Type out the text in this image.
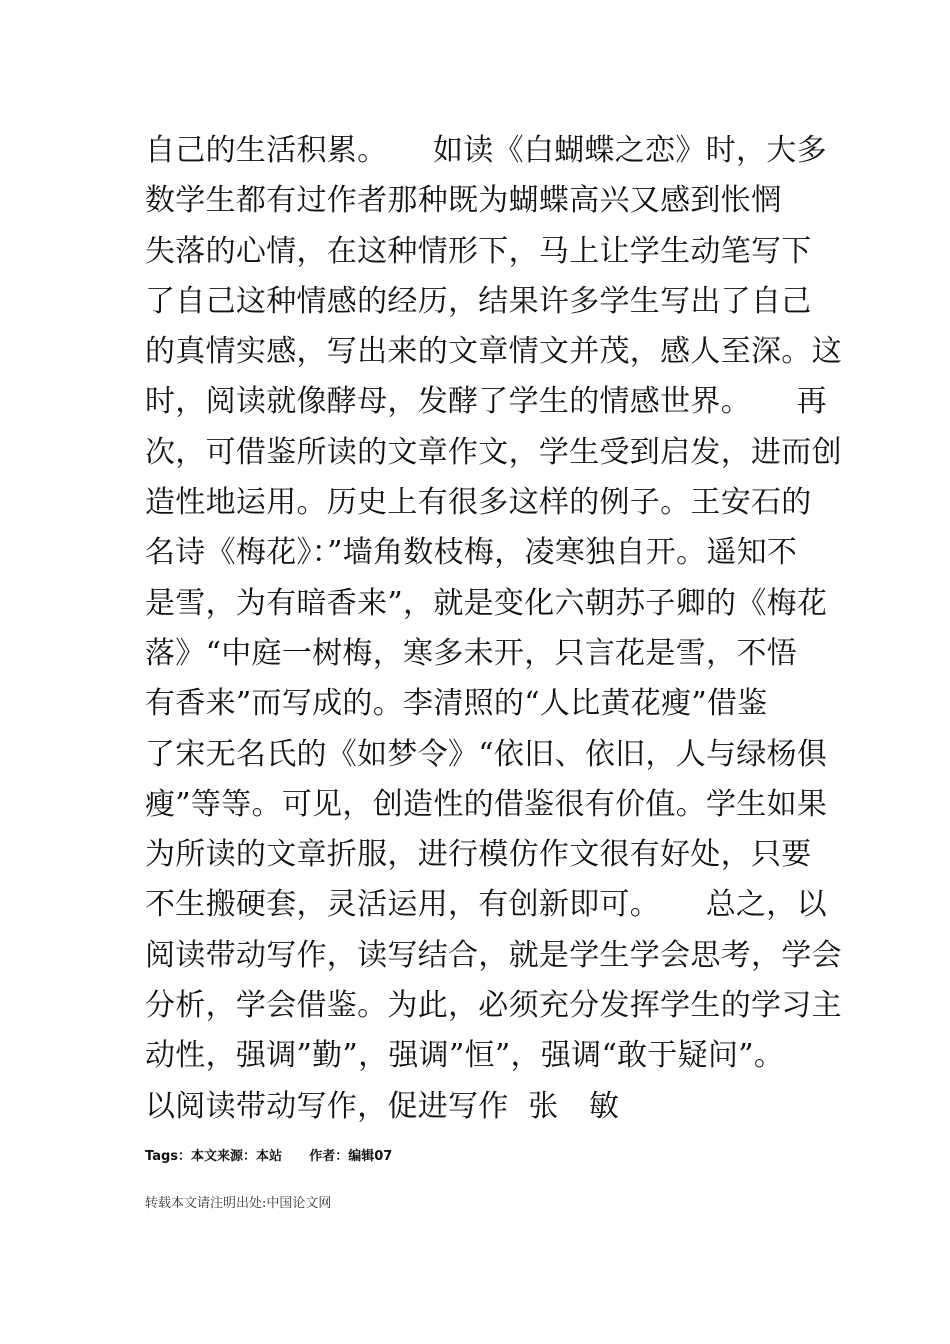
自己的生活积累。　　如读《白蝴蝶之恋》时，大多
数学生都有过作者那种既为蝴蝶高兴又感到怅惘
失落的心情，在这种情形下，马上让学生动笔写下
了自己这种情感的经历，结果许多学生写出了自己
的真情实感，写出来的文章情文并茂，感人至深。这
时，阅读就像酵母，发酵了学生的情感世界。　　再
次，可借鉴所读的文章作文，学生受到启发，进而创
造性地运用。历史上有很多这样的例子。王安石的
名诗《梅花》：”墙角数枝梅，凌寒独自开。遥知不
是雪，为有暗香来”，就是变化六朝苏子卿的《梅花
落》“中庭一树梅，寒多未开，只言花是雪，不悟
有香来”而写成的。李清照的“人比黄花瘦”借鉴
了宋无名氏的《如梦令》“依旧、依旧，人与绿杨俱
瘦”等等。可见，创造性的借鉴很有价值。学生如果
为所读的文章折服，进行模仿作文很有好处，只要
不生搬硬套，灵活运用，有创新即可。　　总之，以
阅读带动写作，读写结合，就是学生学会思考，学会
分析，学会借鉴。为此，必须充分发挥学生的学习主
动性，强调”勤”，强调”恒”，强调“敢于疑问”。
以阅读带动写作，促进写作  张　敏
Tags：本文来源：本站 作者：编辑07
转载本文请注明出处:中国论文网
